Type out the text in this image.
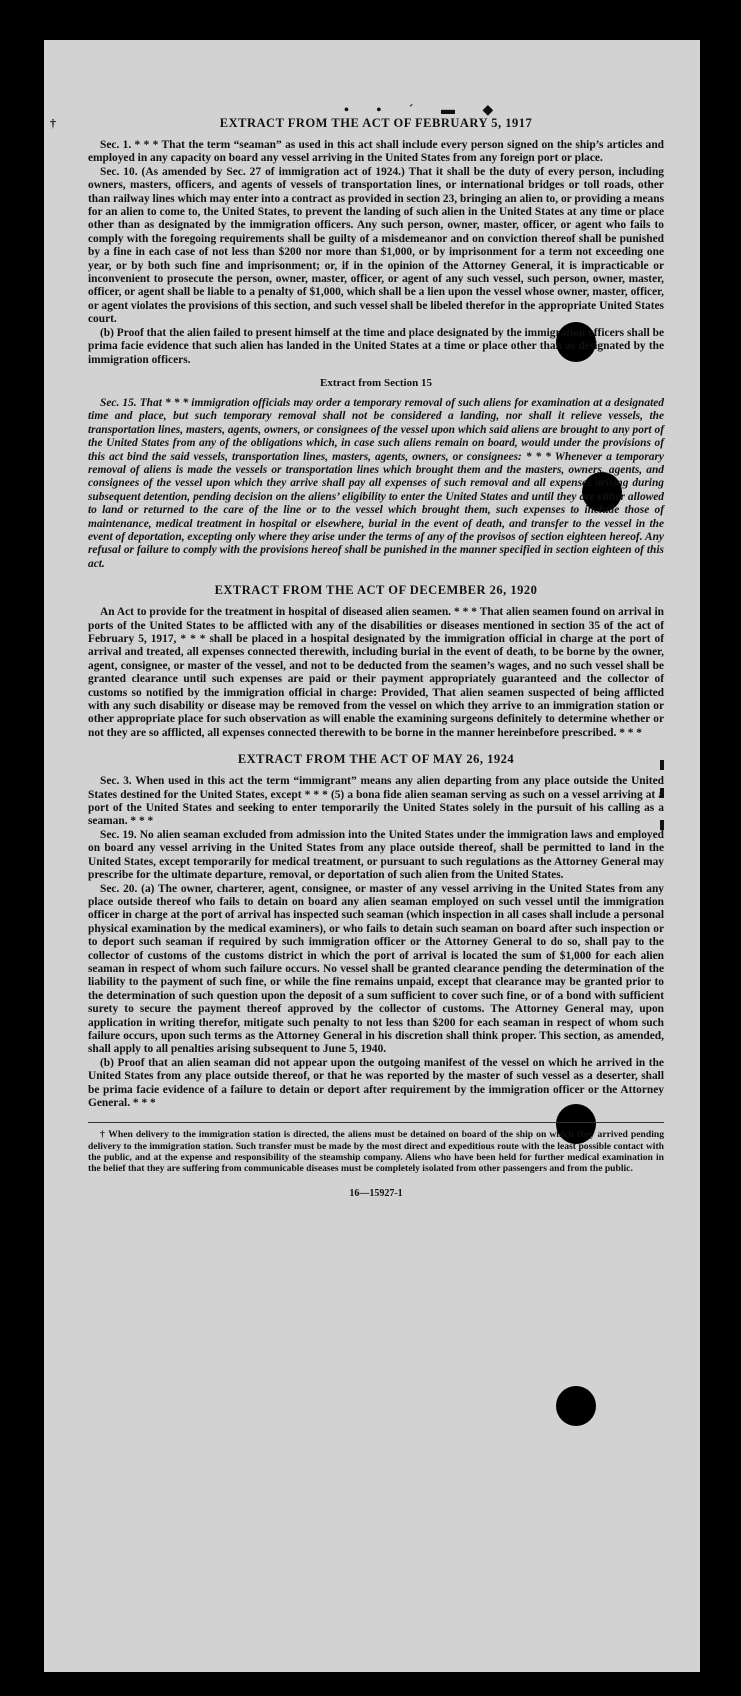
• • ´ ▬ ◆
†	EXTRACT FROM THE ACT OF FEBRUARY 5, 1917

Sec. 1. * * * That the term “seaman” as used in this act shall include every person signed on the ship’s articles and employed in any capacity on board any vessel arriving in the United States from any foreign port or place.

Sec. 10. (As amended by Sec. 27 of immigration act of 1924.) That it shall be the duty of every person, including owners, masters, officers, and agents of vessels of transportation lines, or international bridges or toll roads, other than railway lines which may enter into a contract as provided in section 23, bringing an alien to, or providing a means for an alien to come to, the United States, to prevent the landing of such alien in the United States at any time or place other than as designated by the immigration officers. Any such person, owner, master, officer, or agent who fails to comply with the foregoing requirements shall be guilty of a misdemeanor and on conviction thereof shall be punished by a fine in each case of not less than $200 nor more than $1,000, or by imprisonment for a term not exceeding one year, or by both such fine and imprisonment; or, if in the opinion of the Attorney General, it is impracticable or inconvenient to prosecute the person, owner, master, officer, or agent of any such vessel, such person, owner, master, officer, or agent shall be liable to a penalty of $1,000, which shall be a lien upon the vessel whose owner, master, officer, or agent violates the provisions of this section, and such vessel shall be libeled therefor in the appropriate United States court.

(b) Proof that the alien failed to present himself at the time and place designated by the immigration officers shall be prima facie evidence that such alien has landed in the United States at a time or place other than as designated by the immigration officers.

Extract from Section 15

Sec. 15. That * * * immigration officials may order a temporary removal of such aliens for examination at a designated time and place, but such temporary removal shall not be considered a landing, nor shall it relieve vessels, the transportation lines, masters, agents, owners, or consignees of the vessel upon which said aliens are brought to any port of the United States from any of the obligations which, in case such aliens remain on board, would under the provisions of this act bind the said vessels, transportation lines, masters, agents, owners, or consignees: * * * Whenever a temporary removal of aliens is made the vessels or transportation lines which brought them and the masters, owners, agents, and consignees of the vessel upon which they arrive shall pay all expenses of such removal and all expenses arising during subsequent detention, pending decision on the aliens’ eligibility to enter the United States and until they are either allowed to land or returned to the care of the line or to the vessel which brought them, such expenses to include those of maintenance, medical treatment in hospital or elsewhere, burial in the event of death, and transfer to the vessel in the event of deportation, excepting only where they arise under the terms of any of the provisos of section eighteen hereof. Any refusal or failure to comply with the provisions hereof shall be punished in the manner specified in section eighteen of this act.

EXTRACT FROM THE ACT OF DECEMBER 26, 1920

An Act to provide for the treatment in hospital of diseased alien seamen. * * * That alien seamen found on arrival in ports of the United States to be afflicted with any of the disabilities or diseases mentioned in section 35 of the act of February 5, 1917, * * * shall be placed in a hospital designated by the immigration official in charge at the port of arrival and treated, all expenses connected therewith, including burial in the event of death, to be borne by the owner, agent, consignee, or master of the vessel, and not to be deducted from the seamen’s wages, and no such vessel shall be granted clearance until such expenses are paid or their payment appropriately guaranteed and the collector of customs so notified by the immigration official in charge: Provided, That alien seamen suspected of being afflicted with any such disability or disease may be removed from the vessel on which they arrive to an immigration station or other appropriate place for such observation as will enable the examining surgeons definitely to determine whether or not they are so afflicted, all expenses connected therewith to be borne in the manner hereinbefore prescribed. * * *

EXTRACT FROM THE ACT OF MAY 26, 1924

Sec. 3. When used in this act the term “immigrant” means any alien departing from any place outside the United States destined for the United States, except * * * (5) a bona fide alien seaman serving as such on a vessel arriving at a port of the United States and seeking to enter temporarily the United States solely in the pursuit of his calling as a seaman. * * *

Sec. 19. No alien seaman excluded from admission into the United States under the immigration laws and employed on board any vessel arriving in the United States from any place outside thereof, shall be permitted to land in the United States, except temporarily for medical treatment, or pursuant to such regulations as the Attorney General may prescribe for the ultimate departure, removal, or deportation of such alien from the United States.

Sec. 20. (a) The owner, charterer, agent, consignee, or master of any vessel arriving in the United States from any place outside thereof who fails to detain on board any alien seaman employed on such vessel until the immigration officer in charge at the port of arrival has inspected such seaman (which inspection in all cases shall include a personal physical examination by the medical examiners), or who fails to detain such seaman on board after such inspection or to deport such seaman if required by such immigration officer or the Attorney General to do so, shall pay to the collector of customs of the customs district in which the port of arrival is located the sum of $1,000 for each alien seaman in respect of whom such failure occurs. No vessel shall be granted clearance pending the determination of the liability to the payment of such fine, or while the fine remains unpaid, except that clearance may be granted prior to the determination of such question upon the deposit of a sum sufficient to cover such fine, or of a bond with sufficient surety to secure the payment thereof approved by the collector of customs. The Attorney General may, upon application in writing therefor, mitigate such penalty to not less than $200 for each seaman in respect of whom such failure occurs, upon such terms as the Attorney General in his discretion shall think proper. This section, as amended, shall apply to all penalties arising subsequent to June 5, 1940.

(b) Proof that an alien seaman did not appear upon the outgoing manifest of the vessel on which he arrived in the United States from any place outside thereof, or that he was reported by the master of such vessel as a deserter, shall be prima facie evidence of a failure to detain or deport after requirement by the immigration officer or the Attorney General. * * *

† When delivery to the immigration station is directed, the aliens must be detained on board of the ship on which they arrived pending delivery to the immigration station. Such transfer must be made by the most direct and expeditious route with the least possible contact with the public, and at the expense and responsibility of the steamship company. Aliens who have been held for further medical examination in the belief that they are suffering from communicable diseases must be completely isolated from other passengers and from the public.

16—15927-1
